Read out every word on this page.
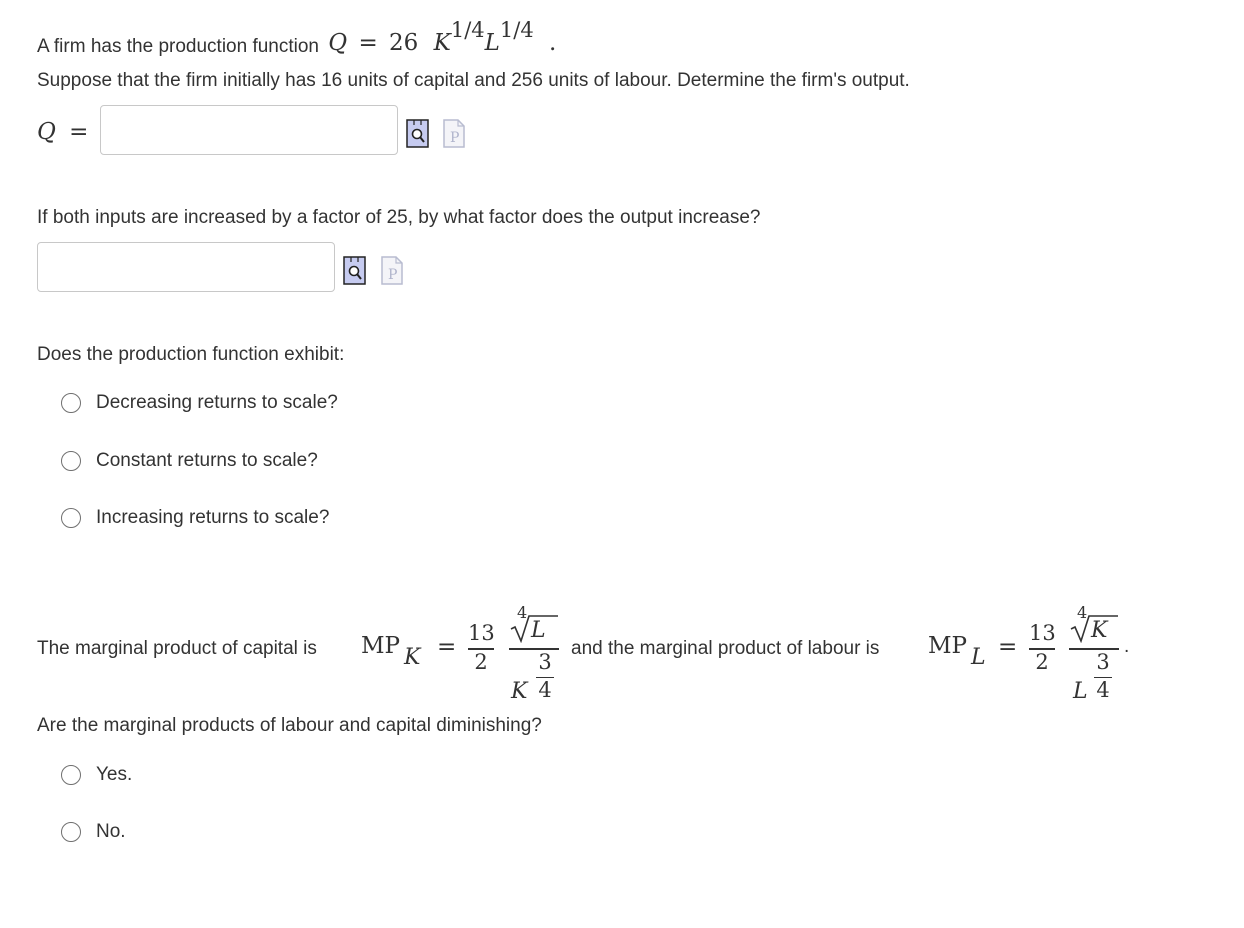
A firm has the production function Q = 26 K1/4L1/4 .
Suppose that the firm initially has 16 units of capital and 256 units of labour. Determine the firm's output.
Q =	P
If both inputs are increased by a factor of 25, by what factor does the output increase?
P
Does the production function exhibit:
Decreasing returns to scale?
Constant returns to scale?
Increasing returns to scale?
The marginal product of capital is MP K =
13
2
4
L
K
3
4
and the marginal product of labour is MP L =
13
2
4
K
L
3
4
.
Are the marginal products of labour and capital diminishing?
Yes.
No.
